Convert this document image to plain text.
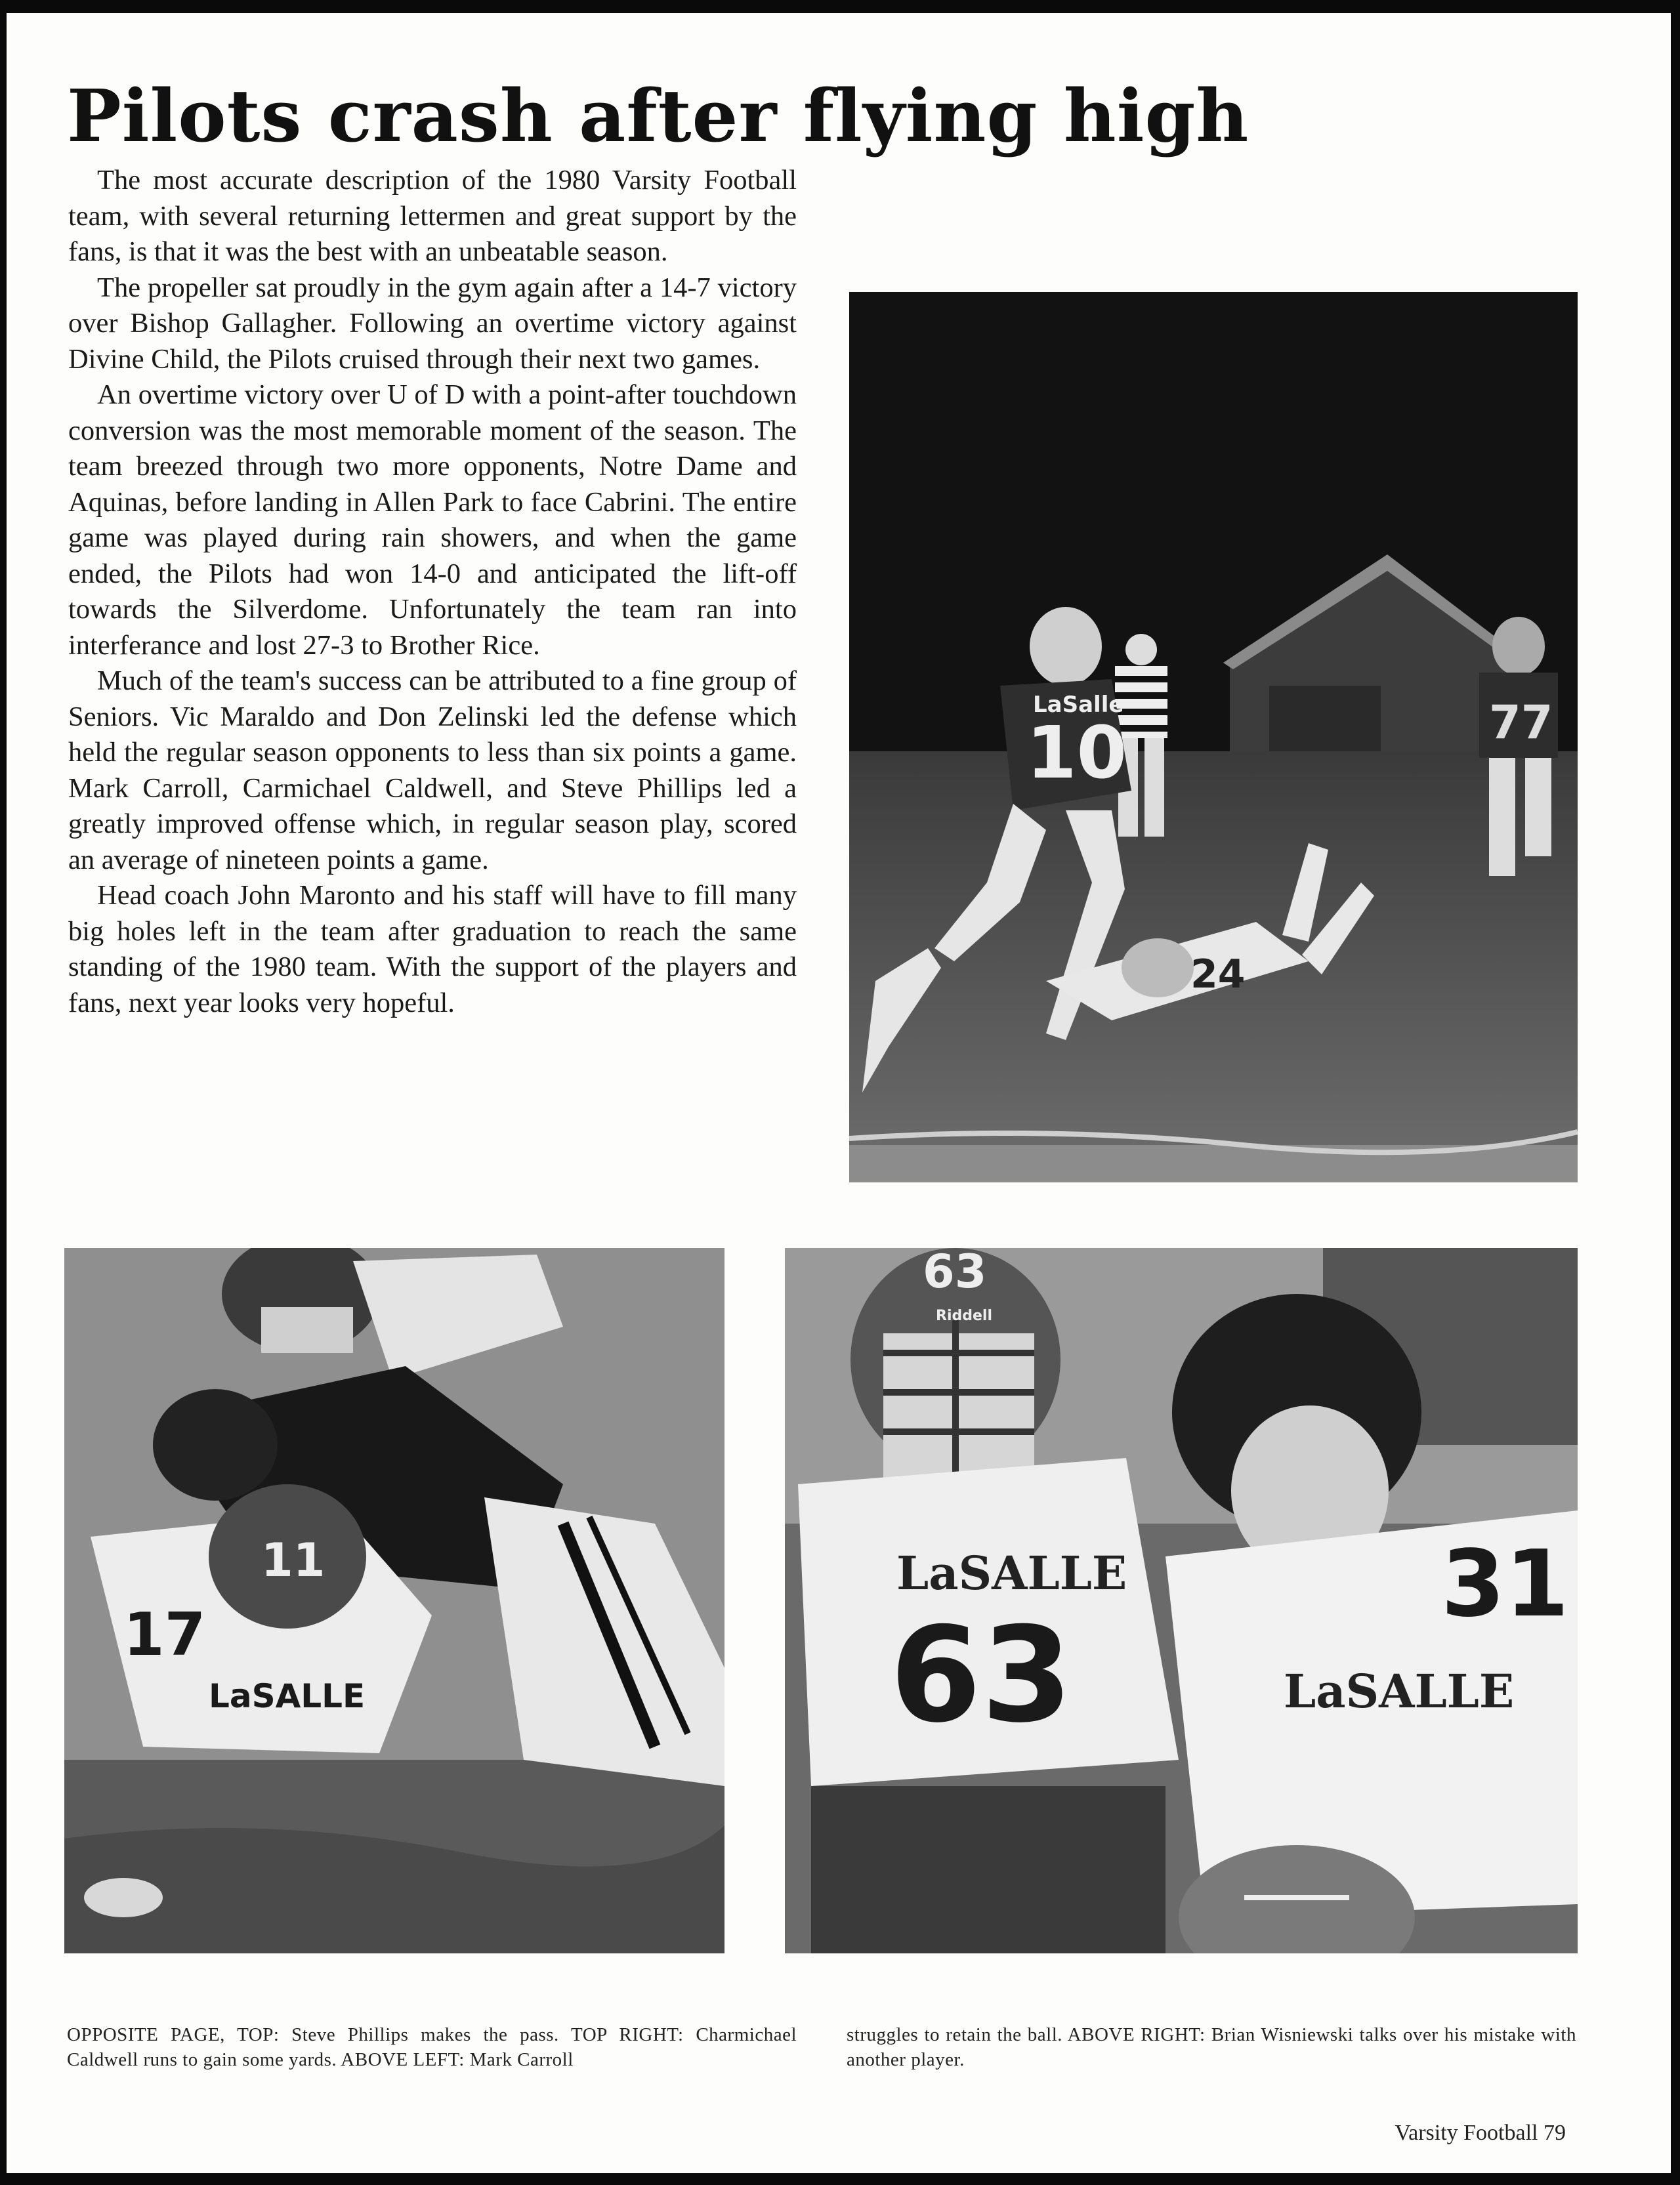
Pilots crash after flying high

The most accurate description of the 1980 Varsity Football team, with several returning lettermen and great support by the fans, is that it was the best with an unbeatable season.

The propeller sat proudly in the gym again after a 14-7 victory over Bishop Gallagher. Following an overtime victory against Divine Child, the Pilots cruised through their next two games.

An overtime victory over U of D with a point-after touchdown conversion was the most memorable moment of the season. The team breezed through two more opponents, Notre Dame and Aquinas, before landing in Allen Park to face Cabrini. The entire game was played during rain showers, and when the game ended, the Pilots had won 14-0 and anticipated the lift-off towards the Silverdome. Unfortunately the team ran into interferance and lost 27-3 to Brother Rice.

Much of the team's success can be attributed to a fine group of Seniors. Vic Maraldo and Don Zelinski led the defense which held the regular season opponents to less than six points a game. Mark Carroll, Carmichael Caldwell, and Steve Phillips led a greatly improved offense which, in regular season play, scored an average of nineteen points a game.

Head coach John Maronto and his staff will have to fill many big holes left in the team after graduation to reach the same standing of the 1980 team. With the support of the players and fans, next year looks very hopeful.

10
LaSalle	77
24
11
17
LaSALLE
63
Riddell
LaSALLE
63	LaSALLE
31
OPPOSITE PAGE, TOP: Steve Phillips makes the pass. TOP RIGHT: Charmichael Caldwell runs to gain some yards. ABOVE LEFT: Mark Carroll
struggles to retain the ball. ABOVE RIGHT: Brian Wisniewski talks over his mistake with another player.
Varsity Football 79
